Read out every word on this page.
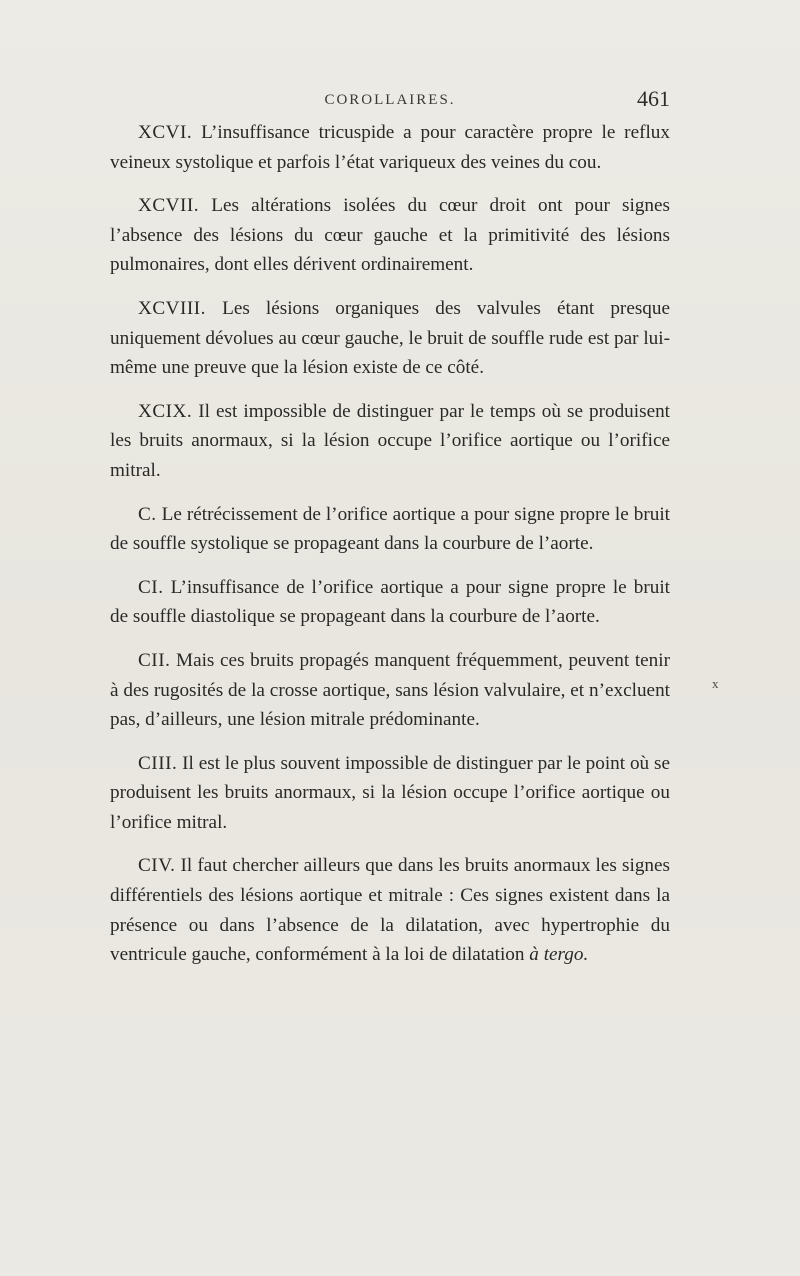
COROLLAIRES.	461

XCVI. L’insuffisance tricuspide a pour caractère propre le reflux veineux systolique et parfois l’état variqueux des veines du cou.

XCVII. Les altérations isolées du cœur droit ont pour signes l’absence des lésions du cœur gauche et la primitivité des lésions pulmonaires, dont elles dérivent ordinairement.

XCVIII. Les lésions organiques des valvules étant presque uniquement dévolues au cœur gauche, le bruit de souffle rude est par lui-même une preuve que la lésion existe de ce côté.

XCIX. Il est impossible de distinguer par le temps où se produisent les bruits anormaux, si la lésion occupe l’orifice aortique ou l’orifice mitral.

C. Le rétrécissement de l’orifice aortique a pour signe propre le bruit de souffle systolique se propageant dans la courbure de l’aorte.

CI. L’insuffisance de l’orifice aortique a pour signe propre le bruit de souffle diastolique se propageant dans la courbure de l’aorte.

CII. Mais ces bruits propagés manquent fréquemment, peuvent tenir à des rugosités de la crosse aortique, sans lésion valvulaire, et n’excluent pas, d’ailleurs, une lésion mitrale prédominante.

CIII. Il est le plus souvent impossible de distinguer par le point où se produisent les bruits anormaux, si la lésion occupe l’orifice aortique ou l’orifice mitral.

CIV. Il faut chercher ailleurs que dans les bruits anormaux les signes différentiels des lésions aortique et mitrale : Ces signes existent dans la présence ou dans l’absence de la dilatation, avec hypertrophie du ventricule gauche, conformément à la loi de dilatation à tergo.

x
